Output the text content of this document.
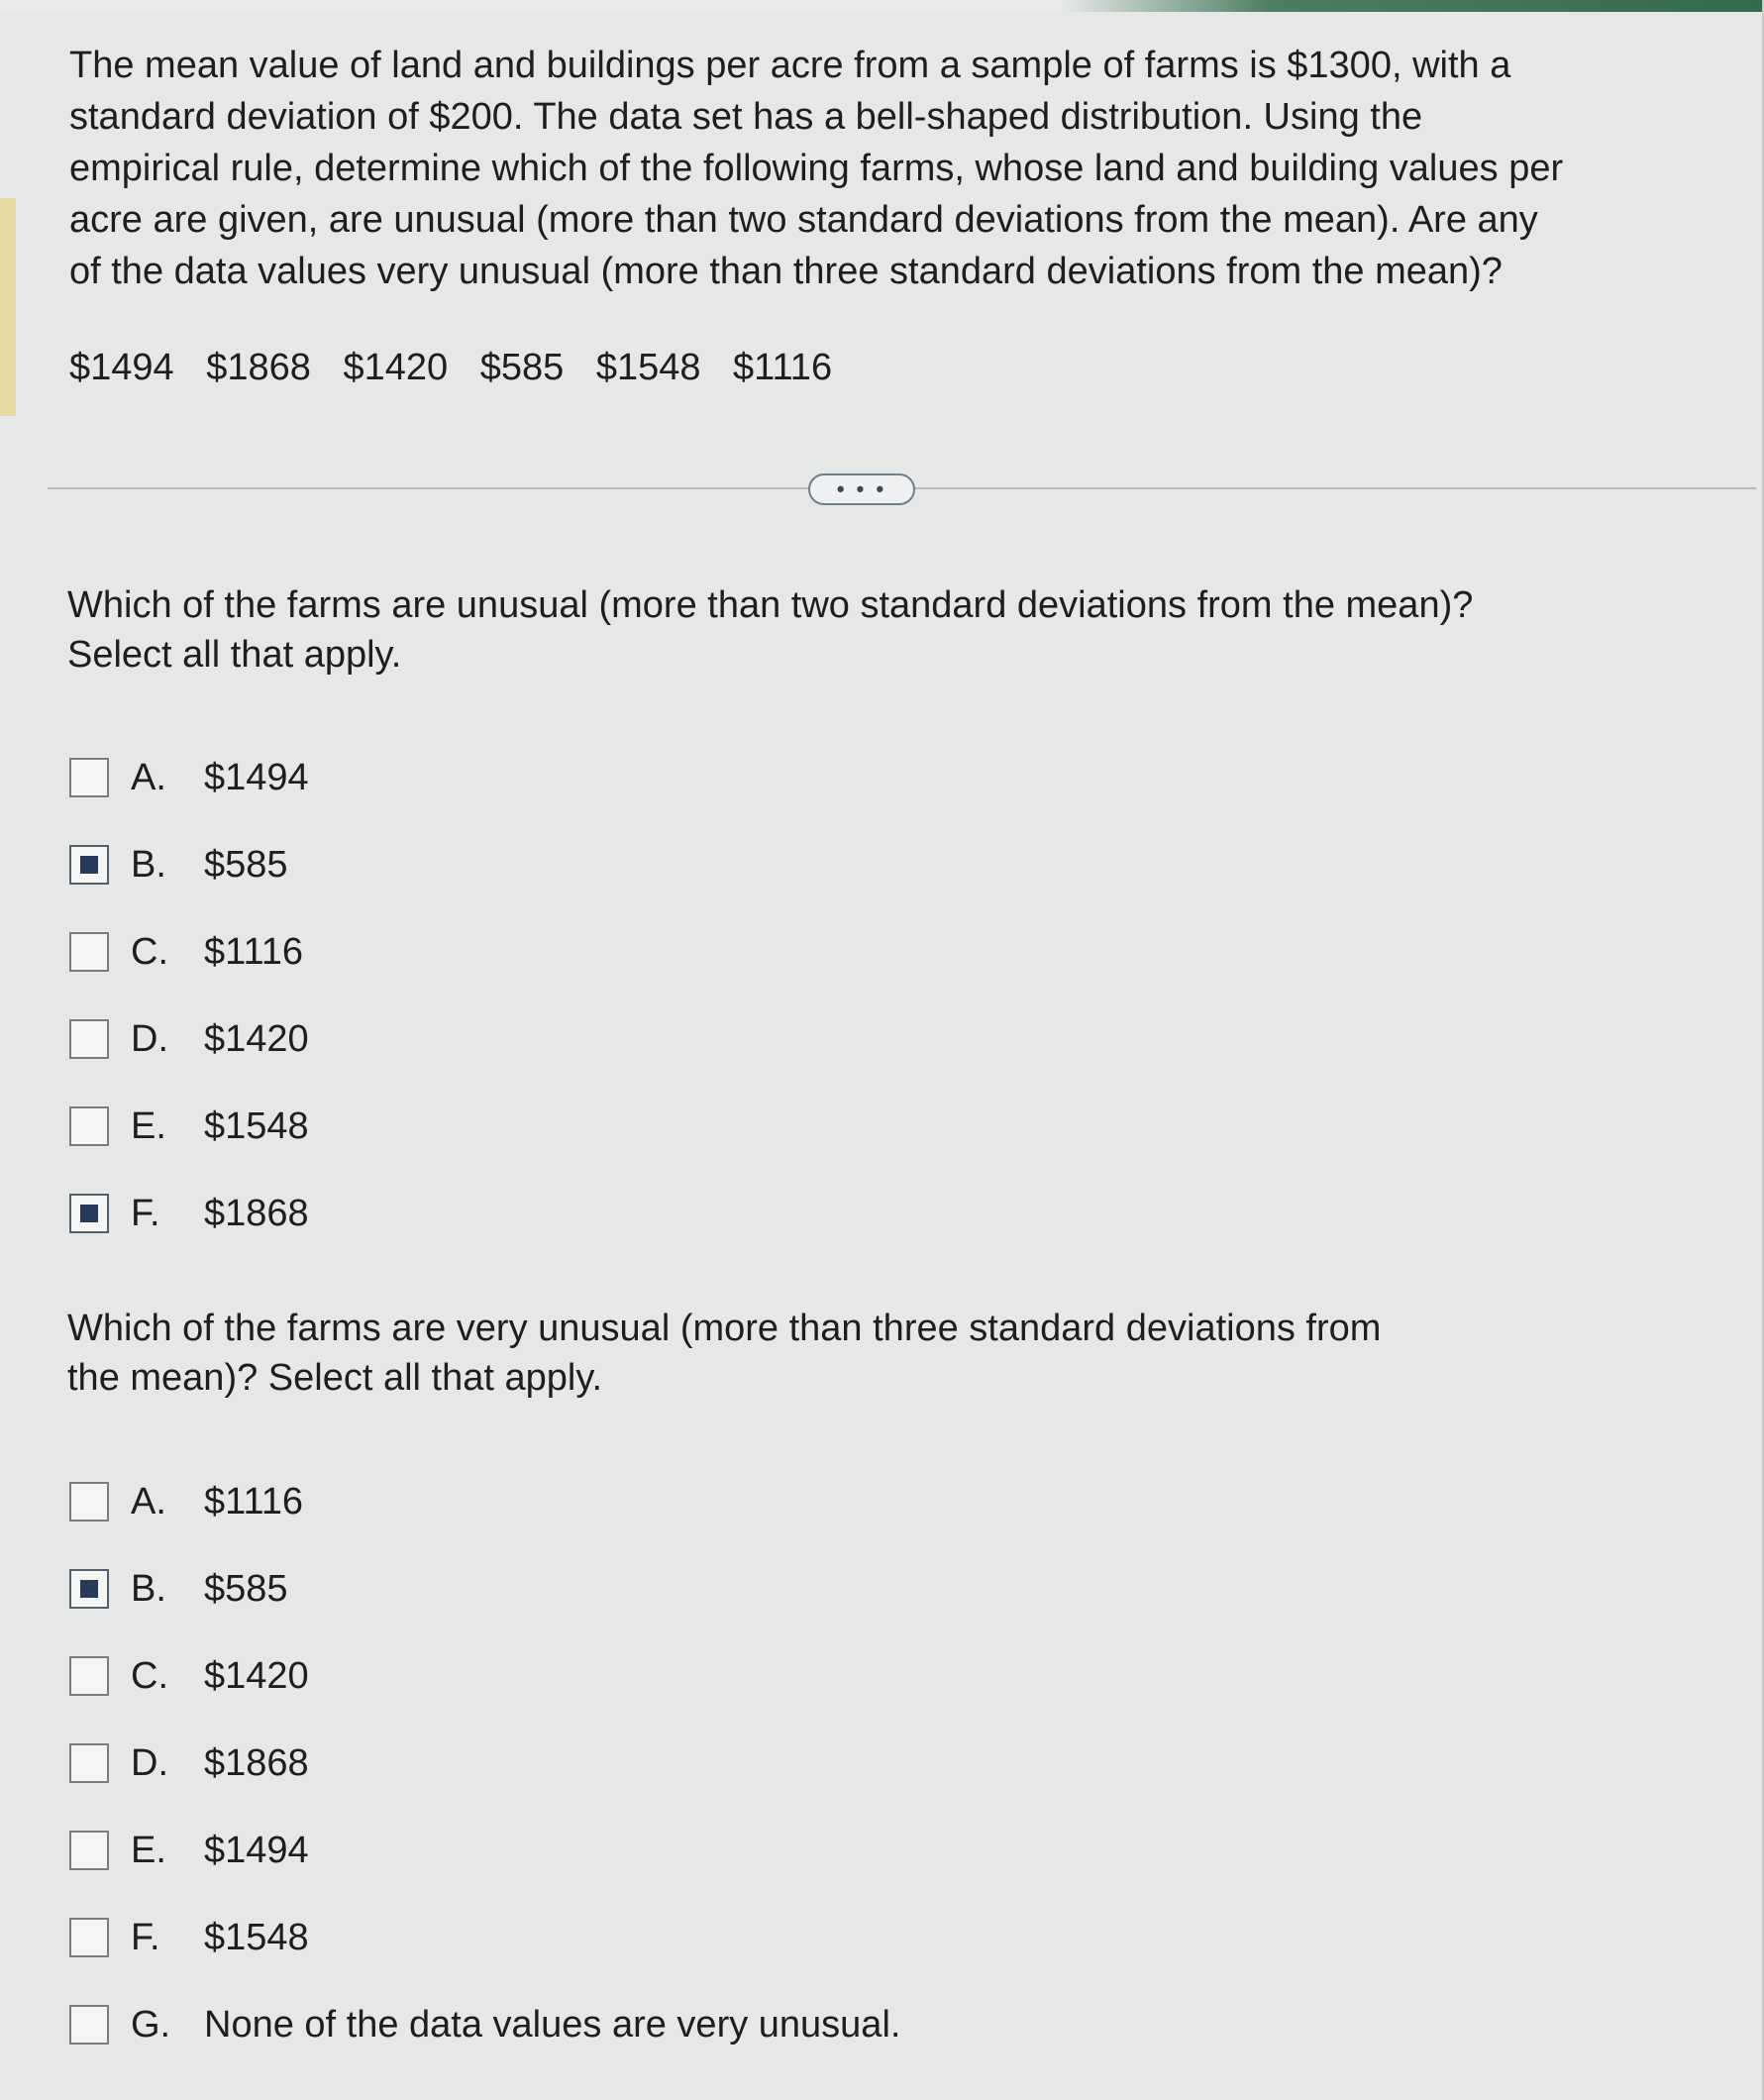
The mean value of land and buildings per acre from a sample of farms is $1300, with a
standard deviation of $200. The data set has a bell-shaped distribution. Using the
empirical rule, determine which of the following farms, whose land and building values per
acre are given, are unusual (more than two standard deviations from the mean). Are any
of the data values very unusual (more than three standard deviations from the mean)?
$1494 $1868 $1420 $585 $1548 $1116
• • •
Which of the farms are unusual (more than two standard deviations from the mean)?
Select all that apply.
A.	$1494
B.	$585
C. $1116
D. $1420
E.	$1548
F.	$1868
Which of the farms are very unusual (more than three standard deviations from
the mean)? Select all that apply.
A.	$1116
B.	$585
C. $1420
D. $1868
E.	$1494
F.	$1548
G. None of the data values are very unusual.
